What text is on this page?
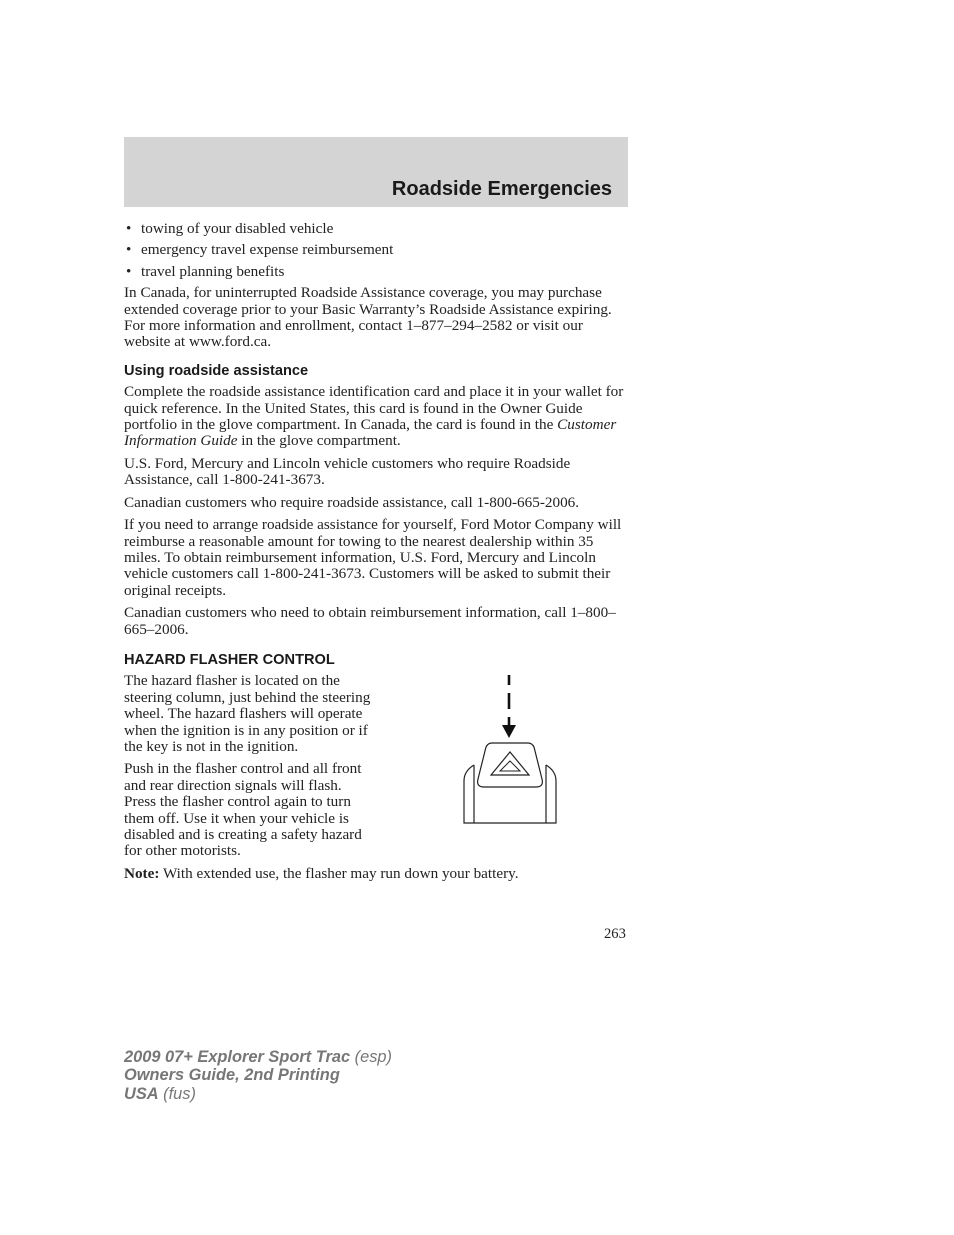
Roadside Emergencies
• towing of your disabled vehicle
• emergency travel expense reimbursement
• travel planning benefits

In Canada, for uninterrupted Roadside Assistance coverage, you may purchase extended coverage prior to your Basic Warranty’s Roadside Assistance expiring. For more information and enrollment, contact 1–877–294–2582 or visit our website at www.ford.ca.

Using roadside assistance

Complete the roadside assistance identification card and place it in your wallet for quick reference. In the United States, this card is found in the Owner Guide portfolio in the glove compartment. In Canada, the card is found in the Customer Information Guide in the glove compartment.

U.S. Ford, Mercury and Lincoln vehicle customers who require Roadside Assistance, call 1-800-241-3673.

Canadian customers who require roadside assistance, call 1-800-665-2006.

If you need to arrange roadside assistance for yourself, Ford Motor Company will reimburse a reasonable amount for towing to the nearest dealership within 35 miles. To obtain reimbursement information, U.S. Ford, Mercury and Lincoln vehicle customers call 1-800-241-3673. Customers will be asked to submit their original receipts.

Canadian customers who need to obtain reimbursement information, call 1–800–665–2006.

HAZARD FLASHER CONTROL

The hazard flasher is located on the steering column, just behind the steering wheel. The hazard flashers will operate when the ignition is in any position or if the key is not in the ignition.

Push in the flasher control and all front and rear direction signals will flash. Press the flasher control again to turn them off. Use it when your vehicle is disabled and is creating a safety hazard for other motorists.

Note: With extended use, the flasher may run down your battery.

263
2009 07+ Explorer Sport Trac (esp)
Owners Guide, 2nd Printing
USA (fus)
